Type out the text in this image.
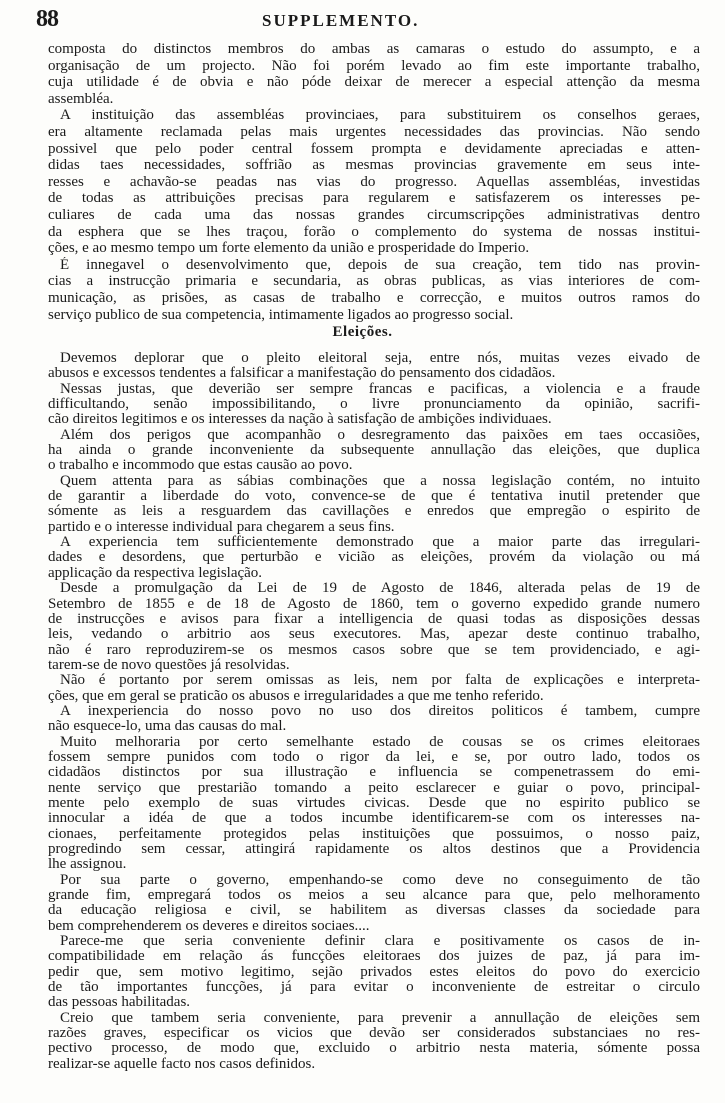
88	SUPPLEMENTO.
composta do distinctos membros do ambas as camaras o estudo do assumpto, e a
organisação de um projecto. Não foi porém levado ao fim este importante trabalho,
cuja utilidade é de obvia e não póde deixar de merecer a especial attenção da mesma
assembléa.
A instituição das assembléas provinciaes, para substituirem os conselhos geraes,
era altamente reclamada pelas mais urgentes necessidades das provincias. Não sendo
possivel que pelo poder central fossem prompta e devidamente apreciadas e atten-
didas taes necessidades, soffrião as mesmas provincias gravemente em seus inte-
resses e achavão-se peadas nas vias do progresso. Aquellas assembléas, investidas
de todas as attribuições precisas para regularem e satisfazerem os interesses pe-
culiares de cada uma das nossas grandes circumscripções administrativas dentro
da esphera que se lhes traçou, forão o complemento do systema de nossas institui-
ções, e ao mesmo tempo um forte elemento da união e prosperidade do Imperio.
É innegavel o desenvolvimento que, depois de sua creação, tem tido nas provin-
cias a instrucção primaria e secundaria, as obras publicas, as vias interiores de com-
municação, as prisões, as casas de trabalho e correcção, e muitos outros ramos do
serviço publico de sua competencia, intimamente ligados ao progresso social.
Eleições.
Devemos deplorar que o pleito eleitoral seja, entre nós, muitas vezes eivado de
abusos e excessos tendentes a falsificar a manifestação do pensamento dos cidadãos.
Nessas justas, que deverião ser sempre francas e pacificas, a violencia e a fraude
difficultando, senão impossibilitando, o livre pronunciamento da opinião, sacrifi-
cão direitos legitimos e os interesses da nação à satisfação de ambições individuaes.
Além dos perigos que acompanhão o desregramento das paixões em taes occasiões,
ha ainda o grande inconveniente da subsequente annullação das eleições, que duplica
o trabalho e incommodo que estas causão ao povo.
Quem attenta para as sábias combinações que a nossa legislação contém, no intuito
de garantir a liberdade do voto, convence-se de que é tentativa inutil pretender que
sómente as leis a resguardem das cavillações e enredos que empregão o espirito de
partido e o interesse individual para chegarem a seus fins.
A experiencia tem sufficientemente demonstrado que a maior parte das irregulari-
dades e desordens, que perturbão e vicião as eleições, provém da violação ou má
applicação da respectiva legislação.
Desde a promulgação da Lei de 19 de Agosto de 1846, alterada pelas de 19 de
Setembro de 1855 e de 18 de Agosto de 1860, tem o governo expedido grande numero
de instrucções e avisos para fixar a intelligencia de quasi todas as disposições dessas
leis, vedando o arbitrio aos seus executores. Mas, apezar deste continuo trabalho,
não é raro reproduzirem-se os mesmos casos sobre que se tem providenciado, e agi-
tarem-se de novo questões já resolvidas.
Não é portanto por serem omissas as leis, nem por falta de explicações e interpreta-
ções, que em geral se praticão os abusos e irregularidades a que me tenho referido.
A inexperiencia do nosso povo no uso dos direitos politicos é tambem, cumpre
não esquece-lo, uma das causas do mal.
Muito melhoraria por certo semelhante estado de cousas se os crimes eleitoraes
fossem sempre punidos com todo o rigor da lei, e se, por outro lado, todos os
cidadãos distinctos por sua illustração e influencia se compenetrassem do emi-
nente serviço que prestarião tomando a peito esclarecer e guiar o povo, principal-
mente pelo exemplo de suas virtudes civicas. Desde que no espirito publico se
innocular a idéa de que a todos incumbe identificarem-se com os interesses na-
cionaes, perfeitamente protegidos pelas instituições que possuimos, o nosso paiz,
progredindo sem cessar, attingirá rapidamente os altos destinos que a Providencia
lhe assignou.
Por sua parte o governo, empenhando-se como deve no conseguimento de tão
grande fim, empregará todos os meios a seu alcance para que, pelo melhoramento
da educação religiosa e civil, se habilitem as diversas classes da sociedade para
bem comprehenderem os deveres e direitos sociaes....
Parece-me que seria conveniente definir clara e positivamente os casos de in-
compatibilidade em relação ás funcções eleitoraes dos juizes de paz, já para im-
pedir que, sem motivo legitimo, sejão privados estes eleitos do povo do exercicio
de tão importantes funcções, já para evitar o inconveniente de estreitar o circulo
das pessoas habilitadas.
Creio que tambem seria conveniente, para prevenir a annullação de eleições sem
razões graves, especificar os vicios que devão ser considerados substanciaes no res-
pectivo processo, de modo que, excluido o arbitrio nesta materia, sómente possa
realizar-se aquelle facto nos casos definidos.
